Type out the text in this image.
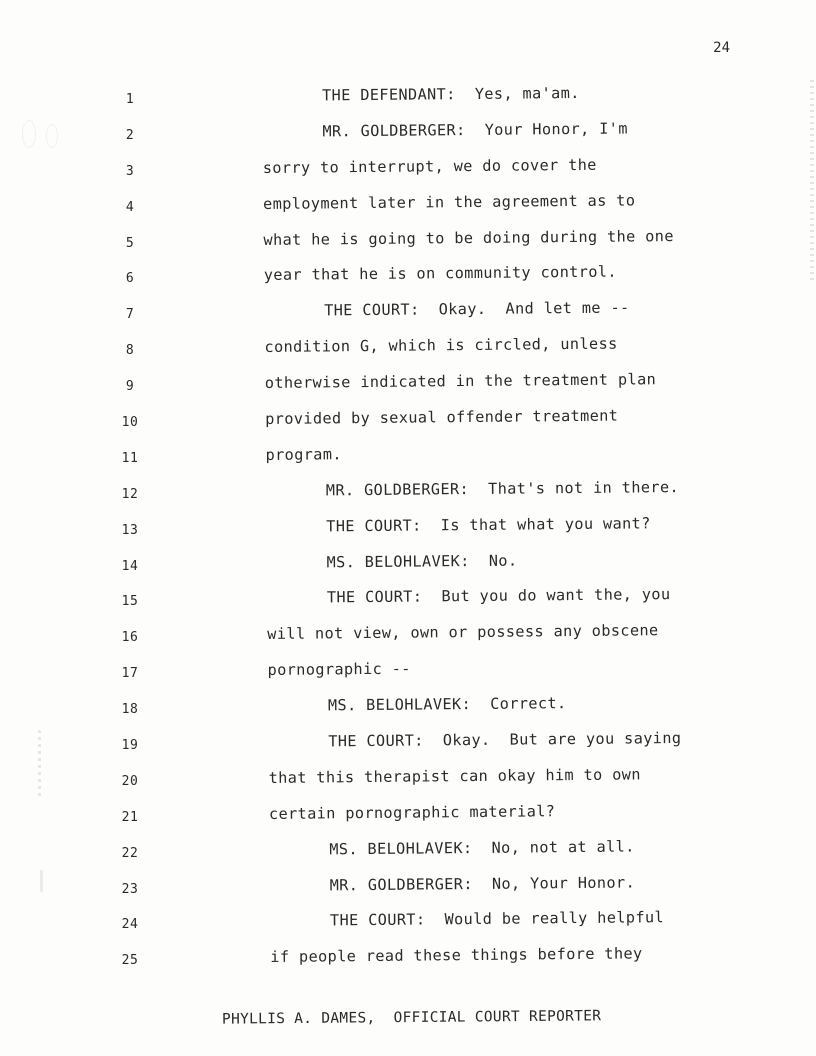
24
1
2
3
4
5
6
7
8
9
10
11
12
13
14
15
16
17
18
19
20
21
22
23
24
25
THE DEFENDANT:  Yes, ma'am.
MR. GOLDBERGER:  Your Honor, I'm
sorry to interrupt, we do cover the
employment later in the agreement as to
what he is going to be doing during the one
year that he is on community control.
THE COURT:  Okay.  And let me --
condition G, which is circled, unless
otherwise indicated in the treatment plan
provided by sexual offender treatment
program.
MR. GOLDBERGER:  That's not in there.
THE COURT:  Is that what you want?
MS. BELOHLAVEK:  No.
THE COURT:  But you do want the, you
will not view, own or possess any obscene
pornographic --
MS. BELOHLAVEK:  Correct.
THE COURT:  Okay.  But are you saying
that this therapist can okay him to own
certain pornographic material?
MS. BELOHLAVEK:  No, not at all.
MR. GOLDBERGER:  No, Your Honor.
THE COURT:  Would be really helpful
if people read these things before they
PHYLLIS A. DAMES,  OFFICIAL COURT REPORTER
